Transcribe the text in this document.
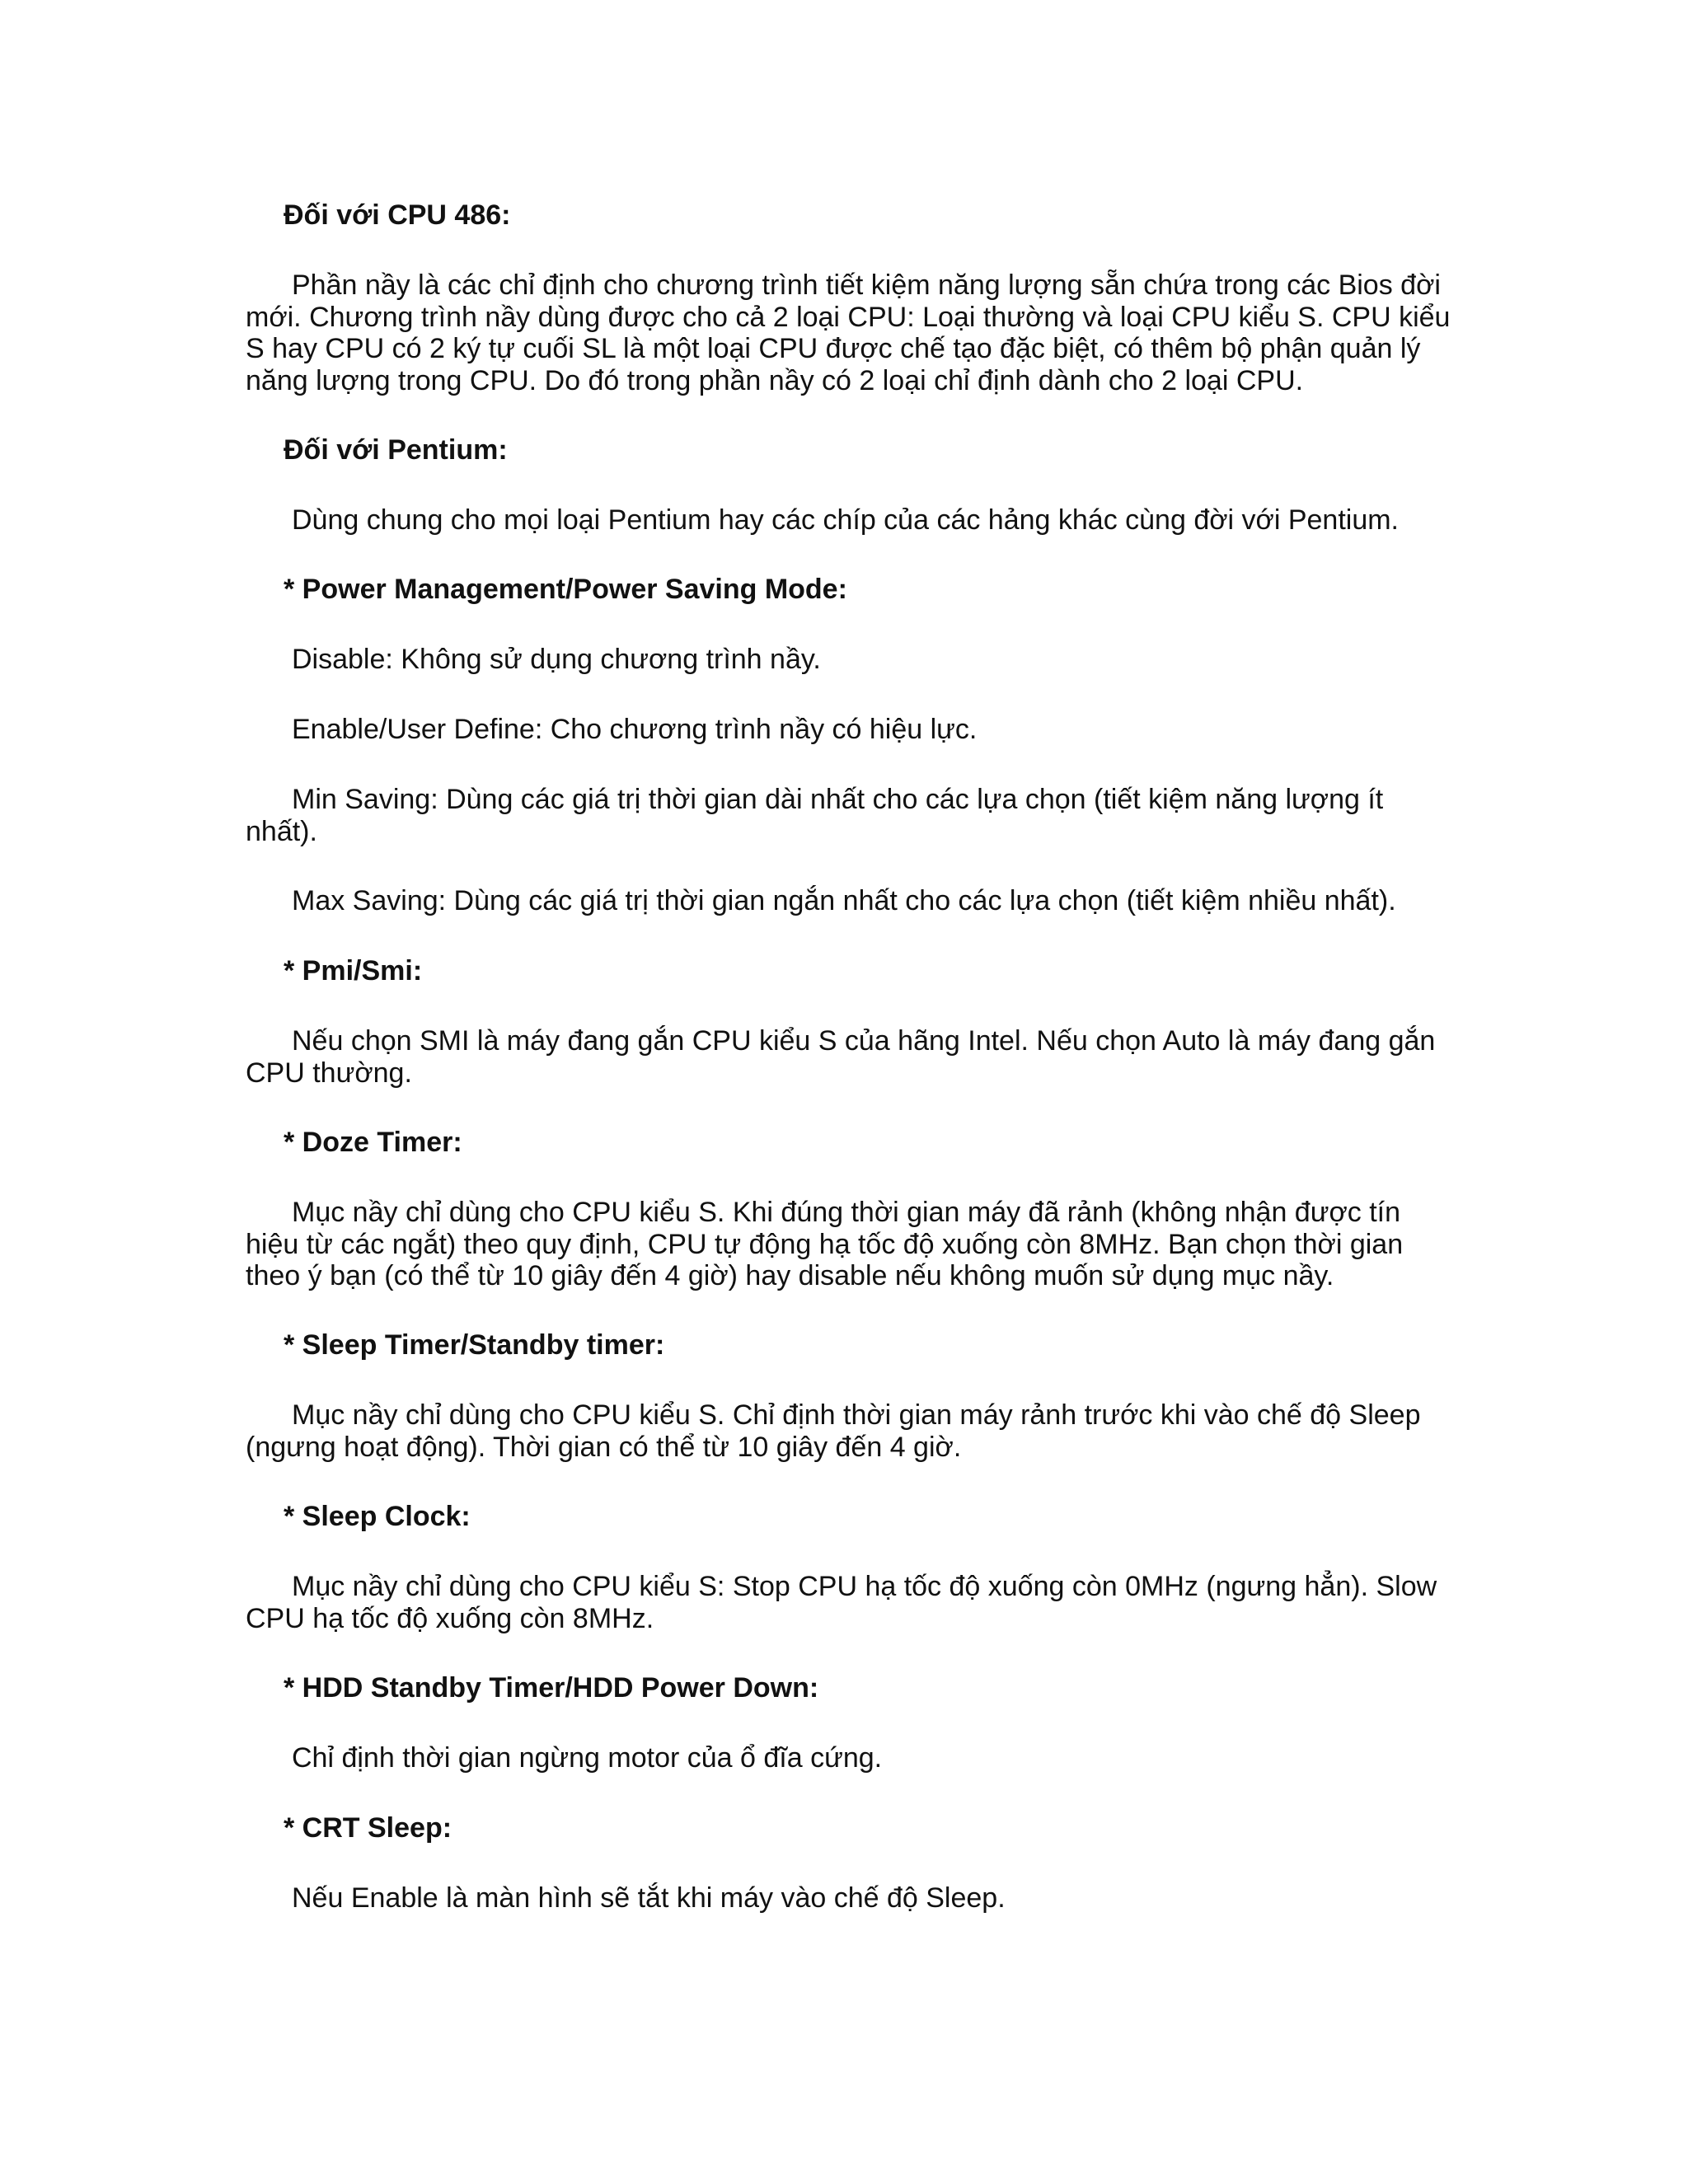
Đối với CPU 486:

Phần nầy là các chỉ định cho chương trình tiết kiệm năng lượng sẵn chứa trong các Bios đời

mới. Chương trình nầy dùng được cho cả 2 loại CPU: Loại thường và loại CPU kiểu S. CPU kiểu

S hay CPU có 2 ký tự cuối SL là một loại CPU được chế tạo đặc biệt, có thêm bộ phận quản lý

năng lượng trong CPU. Do đó trong phần nầy có 2 loại chỉ định dành cho 2 loại CPU.

Đối với Pentium:

Dùng chung cho mọi loại Pentium hay các chíp của các hảng khác cùng đời với Pentium.

* Power Management/Power Saving Mode:

Disable: Không sử dụng chương trình nầy.

Enable/User Define: Cho chương trình nầy có hiệu lực.

Min Saving: Dùng các giá trị thời gian dài nhất cho các lựa chọn (tiết kiệm năng lượng ít

nhất).

Max Saving: Dùng các giá trị thời gian ngắn nhất cho các lựa chọn (tiết kiệm nhiều nhất).

* Pmi/Smi:

Nếu chọn SMI là máy đang gắn CPU kiểu S của hãng Intel. Nếu chọn Auto là máy đang gắn

CPU thường.

* Doze Timer:

Mục nầy chỉ dùng cho CPU kiểu S. Khi đúng thời gian máy đã rảnh (không nhận được tín

hiệu từ các ngắt) theo quy định, CPU tự động hạ tốc độ xuống còn 8MHz. Bạn chọn thời gian

theo ý bạn (có thể từ 10 giây đến 4 giờ) hay disable nếu không muốn sử dụng mục nầy.

* Sleep Timer/Standby timer:

Mục nầy chỉ dùng cho CPU kiểu S. Chỉ định thời gian máy rảnh trước khi vào chế độ Sleep

(ngưng hoạt động). Thời gian có thể từ 10 giây đến 4 giờ.

* Sleep Clock:

Mục nầy chỉ dùng cho CPU kiểu S: Stop CPU hạ tốc độ xuống còn 0MHz (ngưng hẳn). Slow

CPU hạ tốc độ xuống còn 8MHz.

* HDD Standby Timer/HDD Power Down:

Chỉ định thời gian ngừng motor của ổ đĩa cứng.

* CRT Sleep:

Nếu Enable là màn hình sẽ tắt khi máy vào chế độ Sleep.
